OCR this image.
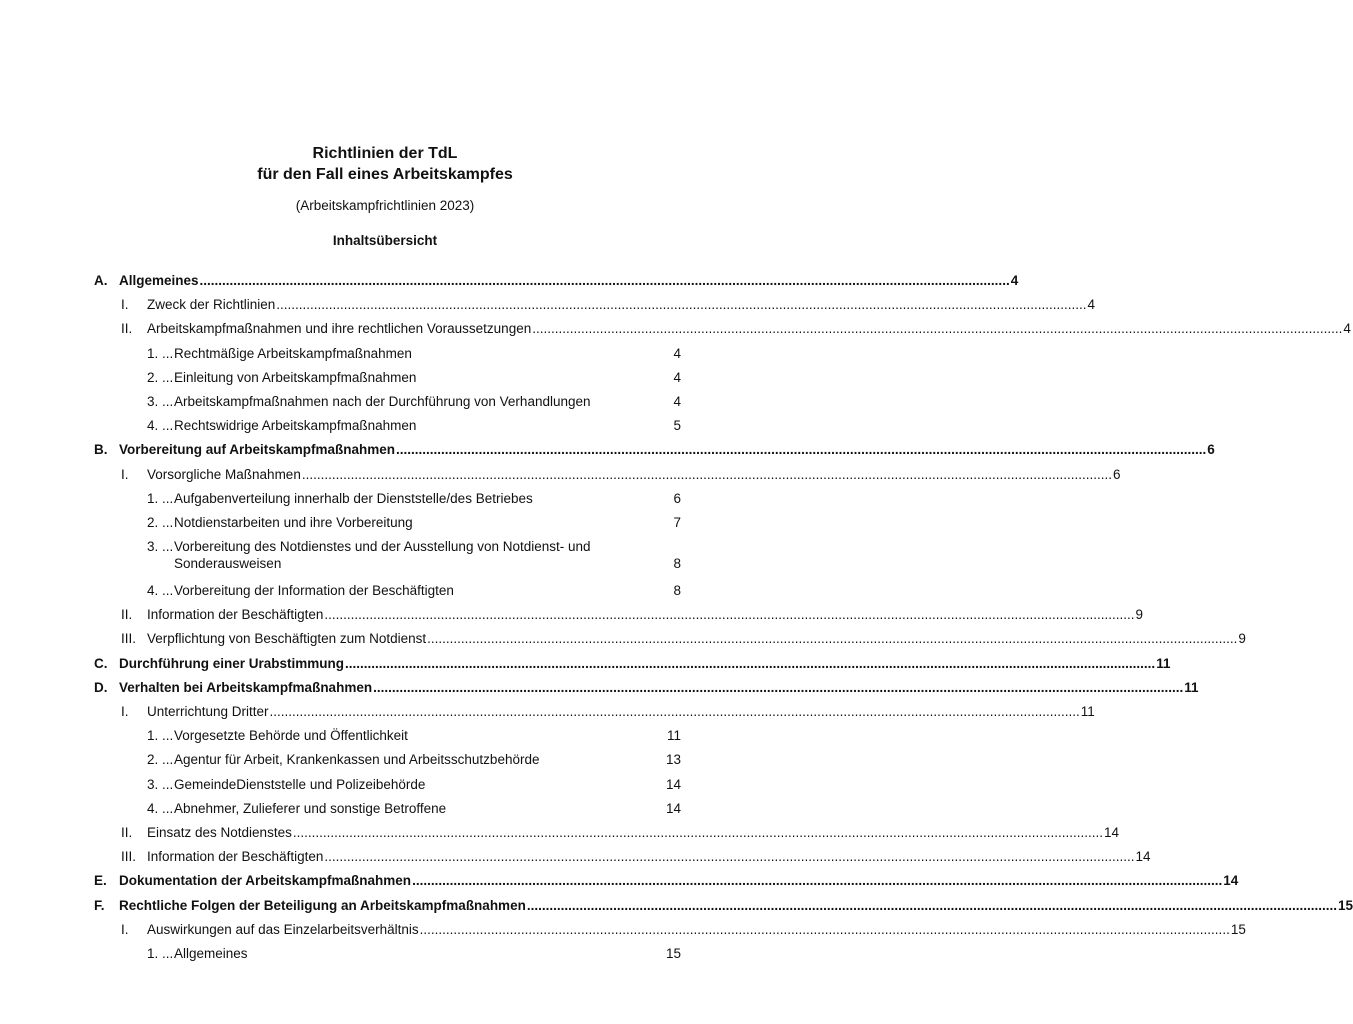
Richtlinien der TdL
für den Fall eines Arbeitskampfes
(Arbeitskampfrichtlinien 2023)
Inhaltsübersicht
A. Allgemeines .....	4
I.	Zweck der Richtlinien .....	4
II.	Arbeitskampfmaßnahmen und ihre rechtlichen Voraussetzungen .....	4
1. ... Rechtmäßige Arbeitskampfmaßnahmen	4
2. ... Einleitung von Arbeitskampfmaßnahmen	4
3. ... Arbeitskampfmaßnahmen nach der Durchführung von Verhandlungen	4
4. ... Rechtswidrige Arbeitskampfmaßnahmen	5
B. Vorbereitung auf Arbeitskampfmaßnahmen .....	6
I.	Vorsorgliche Maßnahmen .....	6
1. ... Aufgabenverteilung innerhalb der Dienststelle/des Betriebes	6
2. ... Notdienstarbeiten und ihre Vorbereitung	7
3. ... Vorbereitung des Notdienstes und der Ausstellung von Notdienst- und Sonderausweisen	8
4. ... Vorbereitung der Information der Beschäftigten	8
II.	Information der Beschäftigten .....	9
III. Verpflichtung von Beschäftigten zum Notdienst .....	9
C. Durchführung einer Urabstimmung .....	11
D. Verhalten bei Arbeitskampfmaßnahmen .....	11
I.	Unterrichtung Dritter .....	11
1. ... Vorgesetzte Behörde und Öffentlichkeit	11
2. ... Agentur für Arbeit, Krankenkassen und Arbeitsschutzbehörde	13
3. ... GemeindeDienststelle und Polizeibehörde	14
4. ... Abnehmer, Zulieferer und sonstige Betroffene	14
II.	Einsatz des Notdienstes .....	14
III. Information der Beschäftigten .....	14
E. Dokumentation der Arbeitskampfmaßnahmen .....	14
F.	Rechtliche Folgen der Beteiligung an Arbeitskampfmaßnahmen .....	15
I.	Auswirkungen auf das Einzelarbeitsverhältnis .....	15
1. ... Allgemeines	15
